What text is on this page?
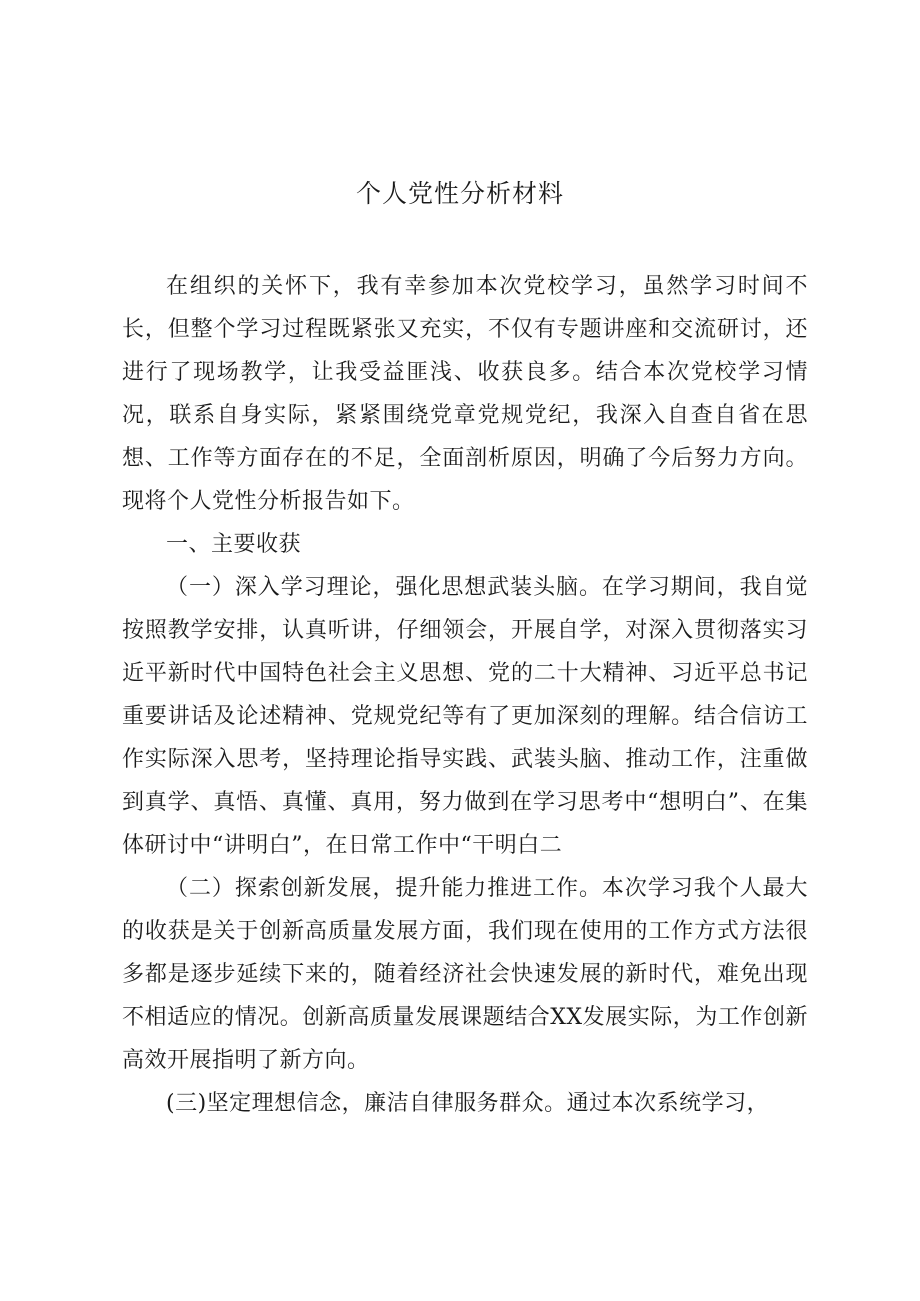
个人党性分析材料

在组织的关怀下，我有幸参加本次党校学习，虽然学习时间不长，但整个学习过程既紧张又充实，不仅有专题讲座和交流研讨，还进行了现场教学，让我受益匪浅、收获良多。结合本次党校学习情况，联系自身实际，紧紧围绕党章党规党纪，我深入自查自省在思想、工作等方面存在的不足，全面剖析原因，明确了今后努力方向。现将个人党性分析报告如下。

一、主要收获

（一）深入学习理论，强化思想武装头脑。在学习期间，我自觉按照教学安排，认真听讲，仔细领会，开展自学，对深入贯彻落实习近平新时代中国特色社会主义思想、党的二十大精神、习近平总书记重要讲话及论述精神、党规党纪等有了更加深刻的理解。结合信访工作实际深入思考，坚持理论指导实践、武装头脑、推动工作，注重做到真学、真悟、真懂、真用，努力做到在学习思考中“想明白”、在集体研讨中“讲明白”，在日常工作中“干明白二

（二）探索创新发展，提升能力推进工作。本次学习我个人最大的收获是关于创新高质量发展方面，我们现在使用的工作方式方法很多都是逐步延续下来的，随着经济社会快速发展的新时代，难免出现不相适应的情况。创新高质量发展课题结合XX发展实际，为工作创新高效开展指明了新方向。

(三)坚定理想信念，廉洁自律服务群众。通过本次系统学习，
